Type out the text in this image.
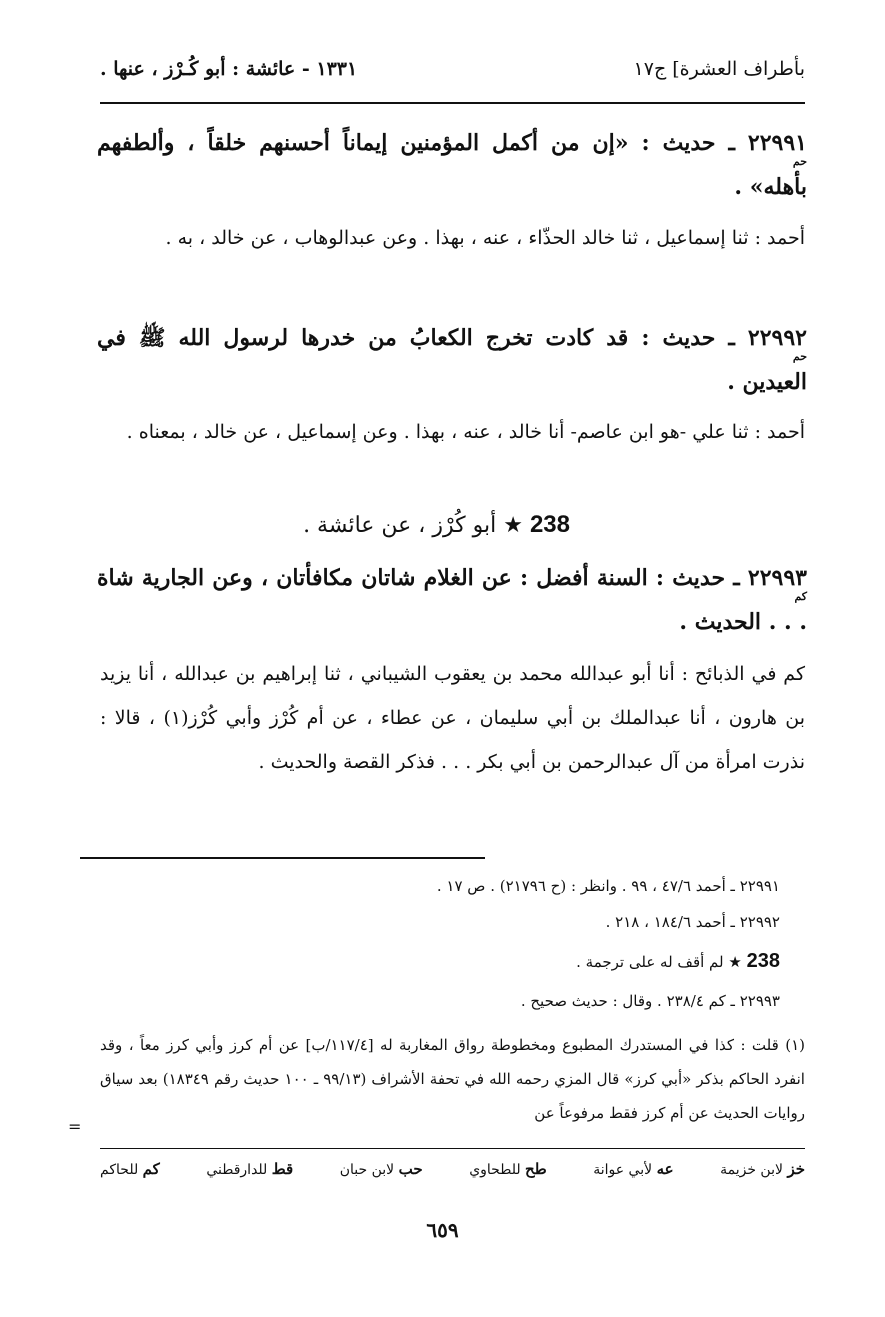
بأطراف العشرة] ج١٧
١٣٣١ - عائشة : أبو كُـرْز ، عنها .
٢٢٩٩١ ـ حديث : «إن من أكمل المؤمنين إيماناً أحسنهم خلقاً ، وألطفهم بأهله» .
حم
أحمد : ثنا إسماعيل ، ثنا خالد الحذّاء ، عنه ، بهذا . وعن عبدالوهاب ، عن خالد ، به .
٢٢٩٩٢ ـ حديث : قد كادت تخرج الكعابُ من خدرها لرسول الله ﷺ في العيدين .
حم
أحمد : ثنا علي -هو ابن عاصم- أنا خالد ، عنه ، بهذا . وعن إسماعيل ، عن خالد ، بمعناه .
238 ★ أبو كُرْز ، عن عائشة .
٢٢٩٩٣ ـ حديث : السنة أفضل : عن الغلام شاتان مكافأتان ، وعن الجارية شاة . . . الحديث .
كم
كم في الذبائح : أنا أبو عبدالله محمد بن يعقوب الشيباني ، ثنا إبراهيم بن عبدالله ، أنا يزيد بن هارون ، أنا عبدالملك بن أبي سليمان ، عن عطاء ، عن أم كُرْز وأبي كُرْز(١) ، قالا : نذرت امرأة من آل عبدالرحمن بن أبي بكر . . . فذكر القصة والحديث .
٢٢٩٩١ ـ أحمد ٤٧/٦ ، ٩٩ . وانظر : (ح ٢١٧٩٦) . ص ١٧ .
٢٢٩٩٢ ـ أحمد ١٨٤/٦ ، ٢١٨ .
238 ★ لم أقف له على ترجمة .
٢٢٩٩٣ ـ كم ٢٣٨/٤ . وقال : حديث صحيح .
(١) قلت : كذا في المستدرك المطبوع ومخطوطة رواق المغاربة له [١١٧/٤/ب] عن أم كرز وأبي كرز معاً ، وقد انفرد الحاكم بذكر «أبي كرز» قال المزي رحمه الله في تحفة الأشراف (٩٩/١٣ ـ ١٠٠ حديث رقم ١٨٣٤٩) بعد سياق روايات الحديث عن أم كرز فقط مرفوعاً عن
=
خز لابن خزيمة
عه لأبي عوانة
طح للطحاوي
حب لابن حبان
قط للدارقطني
كم للحاكم
٦٥٩
